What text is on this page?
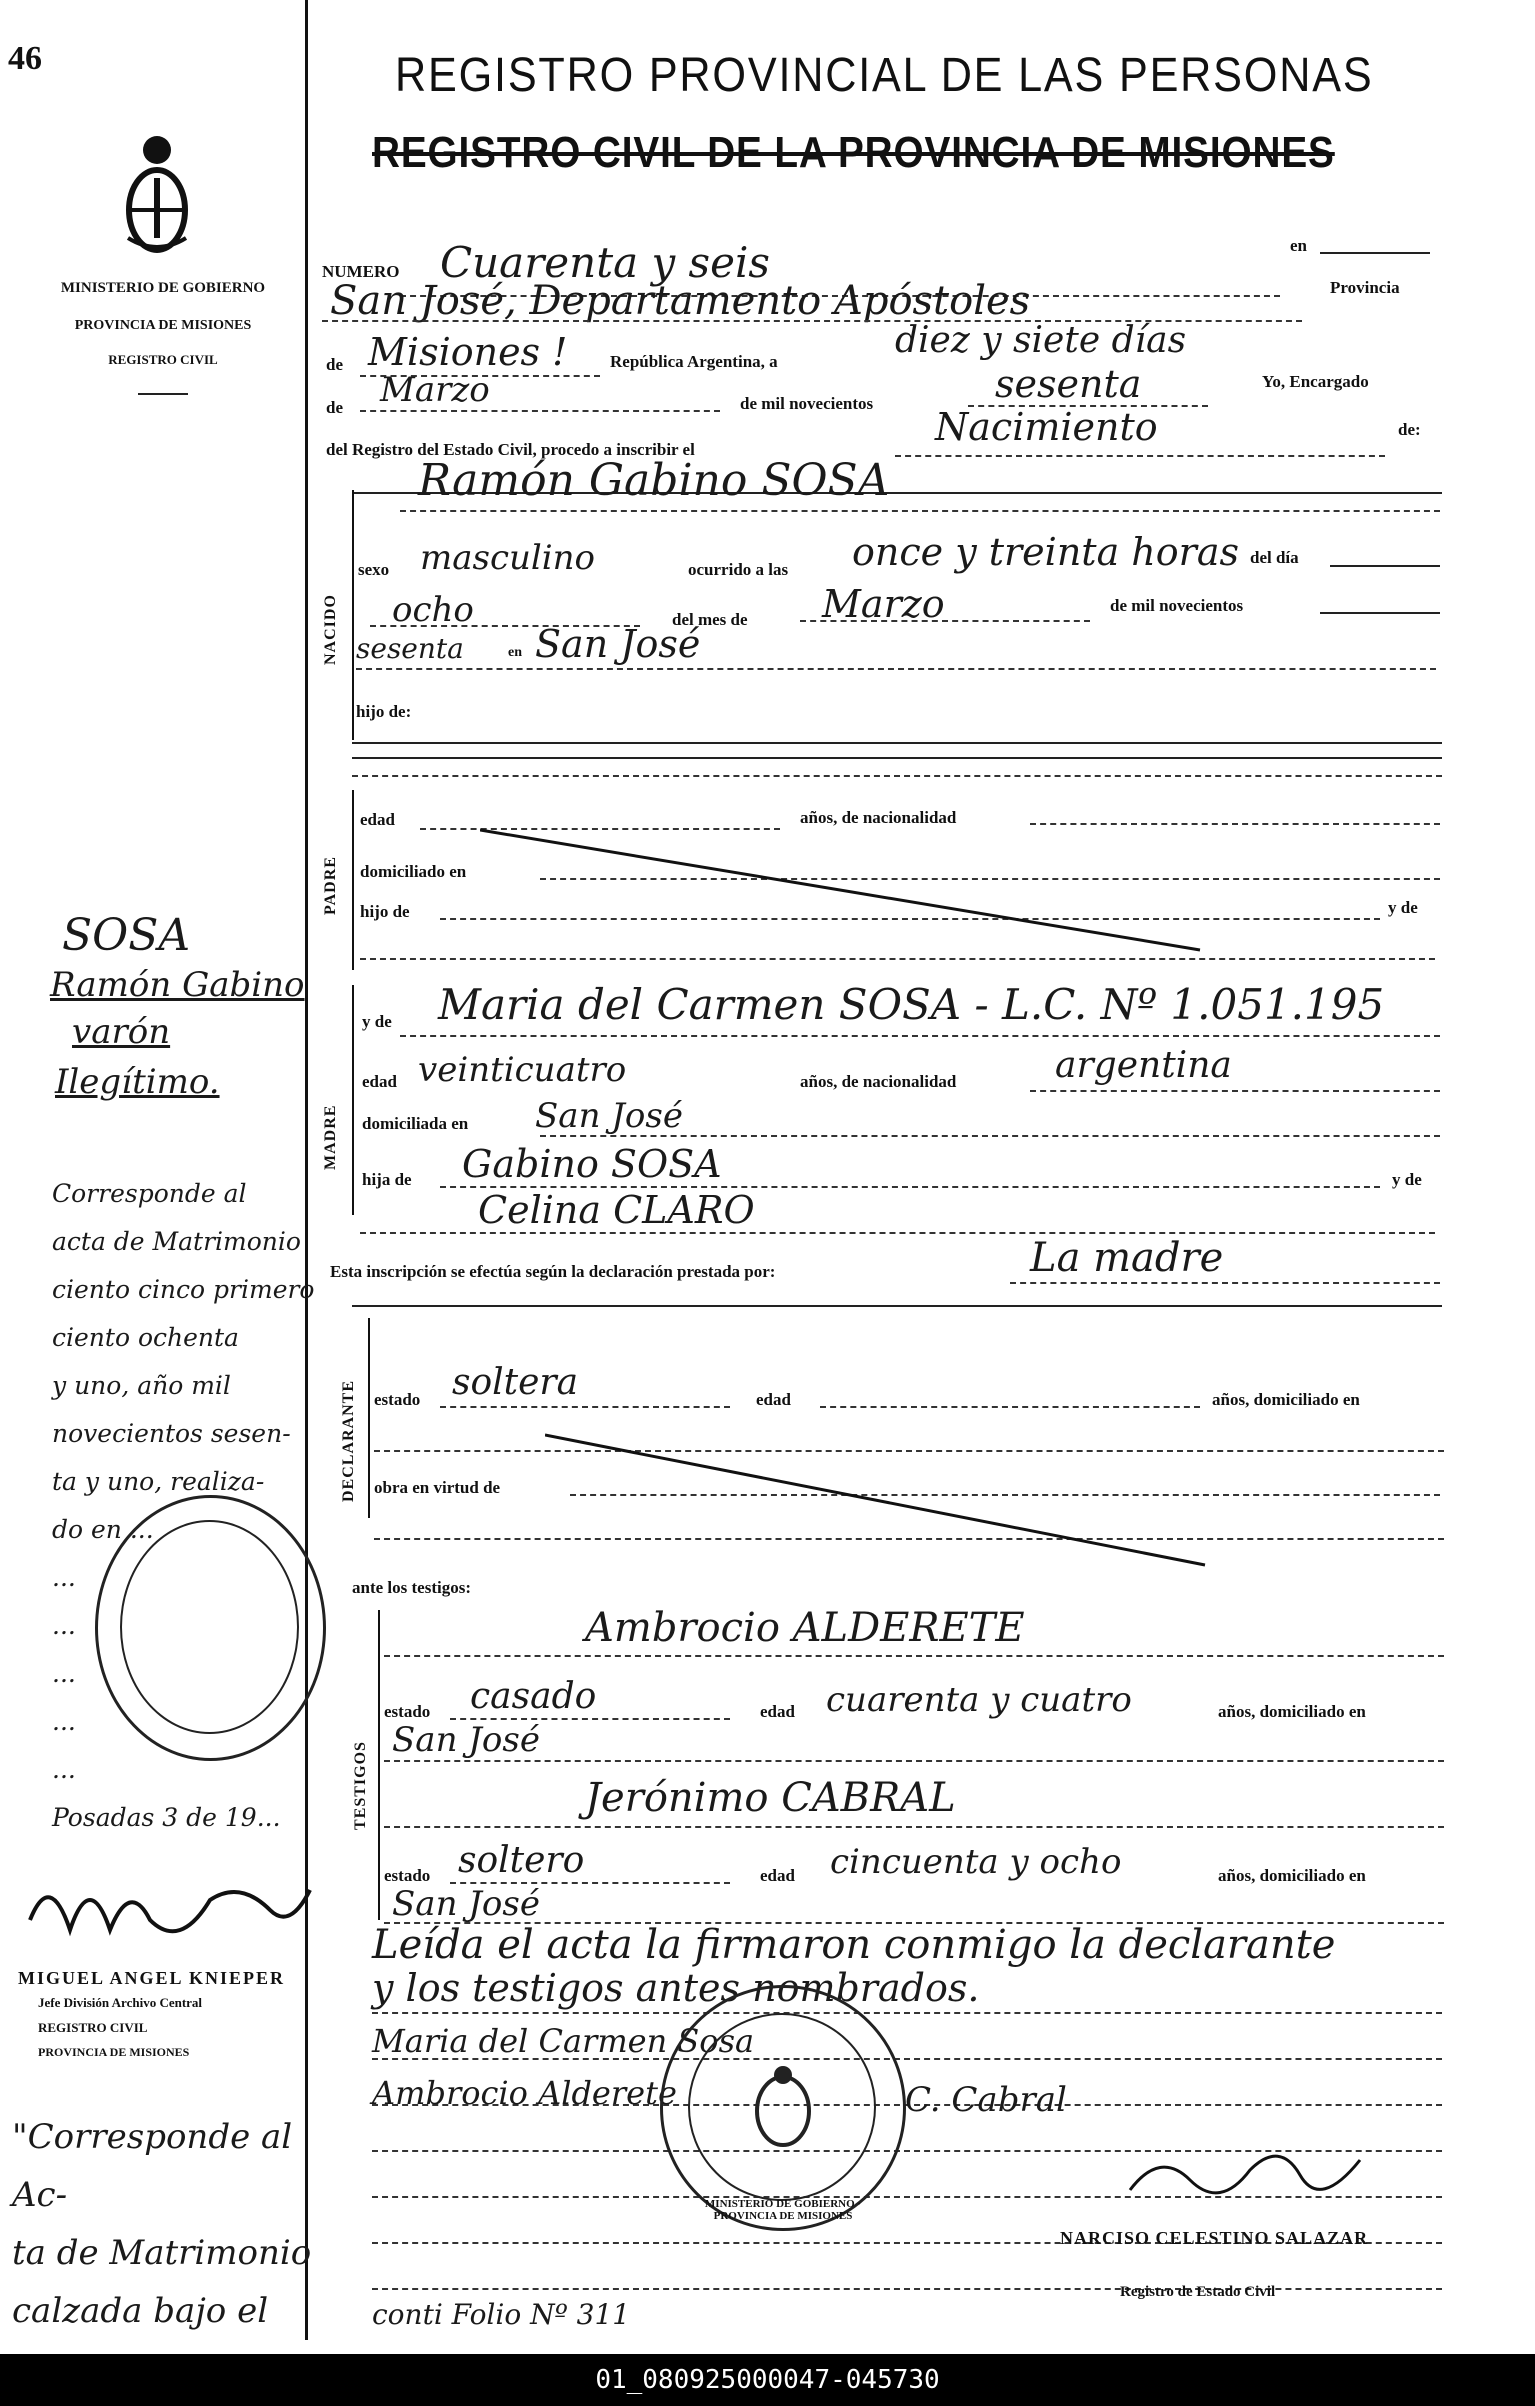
46
MINISTERIO DE GOBIERNO
PROVINCIA DE MISIONES
REGISTRO CIVIL
REGISTRO PROVINCIAL DE LAS PERSONAS
REGISTRO CIVIL DE LA PROVINCIA DE MISIONES
NUMERO Cuarenta y seis	en
San José, Departamento Apóstoles	Provincia
de Misiones !	República Argentina, a
diez y siete días
de Marzo	de mil novecientos	sesenta	Yo, Encargado
del Registro del Estado Civil, procedo a inscribir el
Nacimiento	de:
NACIDO
Ramón Gabino SOSA
sexo masculino	ocurrido a las once y treinta horas del día
ocho	del mes de Marzo	de mil novecientos
sesenta	en San José
hijo de:
PADRE
edad	años, de nacionalidad
domiciliado en
hijo de	y de
MADRE
y de Maria del Carmen SOSA - L.C. Nº 1.051.195
edad veinticuatro	años, de nacionalidad	argentina
domiciliada en San José
hija de Gabino SOSA	y de
Celina CLARO
Esta inscripción se efectúa según la declaración prestada por:	La madre
DECLARANTE estado soltera	edad	años, domiciliado en
obra en virtud de
ante los testigos:
TESTIGOS
Ambrocio ALDERETE
estado casado	edad cuarenta y cuatro	años, domiciliado en
San José
Jerónimo CABRAL
estado soltero	edad cincuenta y ocho	años, domiciliado en
San José
Leída el acta la firmaron conmigo la declarante
y los testigos antes nombrados.
Maria del Carmen Sosa
Ambrocio Alderete	C. Cabral
NARCISO CELESTINO SALAZAR
Registro de Estado Civil
conti Folio Nº 311
MINISTERIO DE GOBIERNO · PROVINCIA DE MISIONES
SOSA
Ramón Gabino
varón
Ilegítimo.
Corresponde al
acta de Matrimonio
ciento cinco primero
ciento ochenta
y uno, año mil
novecientos sesen-
ta y uno, realiza-
do en ...
...
...
...
...
...
Posadas 3 de 19...
MIGUEL ANGEL KNIEPER
Jefe División Archivo Central
REGISTRO CIVIL
PROVINCIA DE MISIONES
"Corresponde al Ac-
ta de Matrimonio
calzada bajo el
01_080925000047-045730
